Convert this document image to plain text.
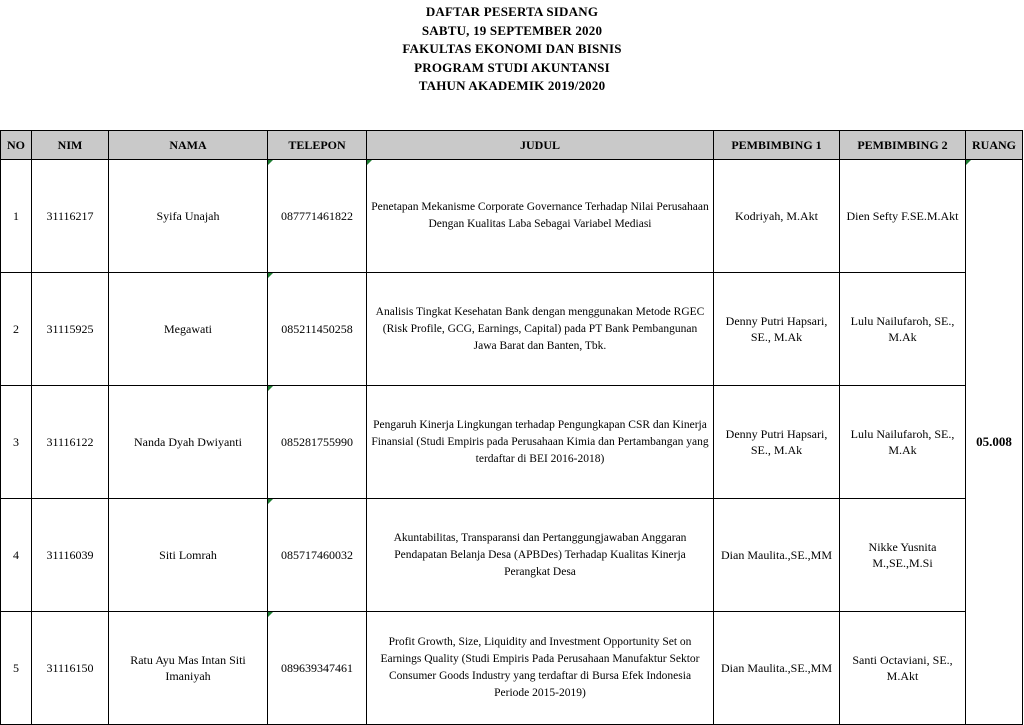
DAFTAR PESERTA SIDANG
SABTU, 19 SEPTEMBER 2020
FAKULTAS EKONOMI DAN BISNIS
PROGRAM STUDI AKUNTANSI
TAHUN AKADEMIK 2019/2020
NO	NIM	NAMA	TELEPON	JUDUL	PEMBIMBING 1	PEMBIMBING 2	RUANG
1	31116217	Syifa Unajah	087771461822	Penetapan Mekanisme Corporate Governance Terhadap Nilai Perusahaan Dengan Kualitas Laba Sebagai Variabel Mediasi	Kodriyah, M.Akt	Dien Sefty F.SE.M.Akt	05.008
2	31115925	Megawati	085211450258	Analisis Tingkat Kesehatan Bank dengan menggunakan Metode RGEC (Risk Profile, GCG, Earnings, Capital) pada PT Bank Pembangunan Jawa Barat dan Banten, Tbk.	Denny Putri Hapsari, SE., M.Ak	Lulu Nailufaroh, SE., M.Ak	
3	31116122	Nanda Dyah Dwiyanti	085281755990	Pengaruh Kinerja Lingkungan terhadap Pengungkapan CSR dan Kinerja Finansial (Studi Empiris pada Perusahaan Kimia dan Pertambangan yang terdaftar di BEI 2016-2018)	Denny Putri Hapsari, SE., M.Ak	Lulu Nailufaroh, SE., M.Ak	
4	31116039	Siti Lomrah	085717460032	Akuntabilitas, Transparansi dan Pertanggungjawaban Anggaran Pendapatan Belanja Desa (APBDes) Terhadap Kualitas Kinerja Perangkat Desa	Dian Maulita.,SE.,MM	Nikke Yusnita M.,SE.,M.Si	
5	31116150	Ratu Ayu Mas Intan Siti Imaniyah	089639347461	Profit Growth, Size, Liquidity and Investment Opportunity Set on Earnings Quality (Studi Empiris Pada Perusahaan Manufaktur Sektor Consumer Goods Industry yang terdaftar di Bursa Efek Indonesia Periode 2015-2019)	Dian Maulita.,SE.,MM	Santi Octaviani, SE., M.Akt	
